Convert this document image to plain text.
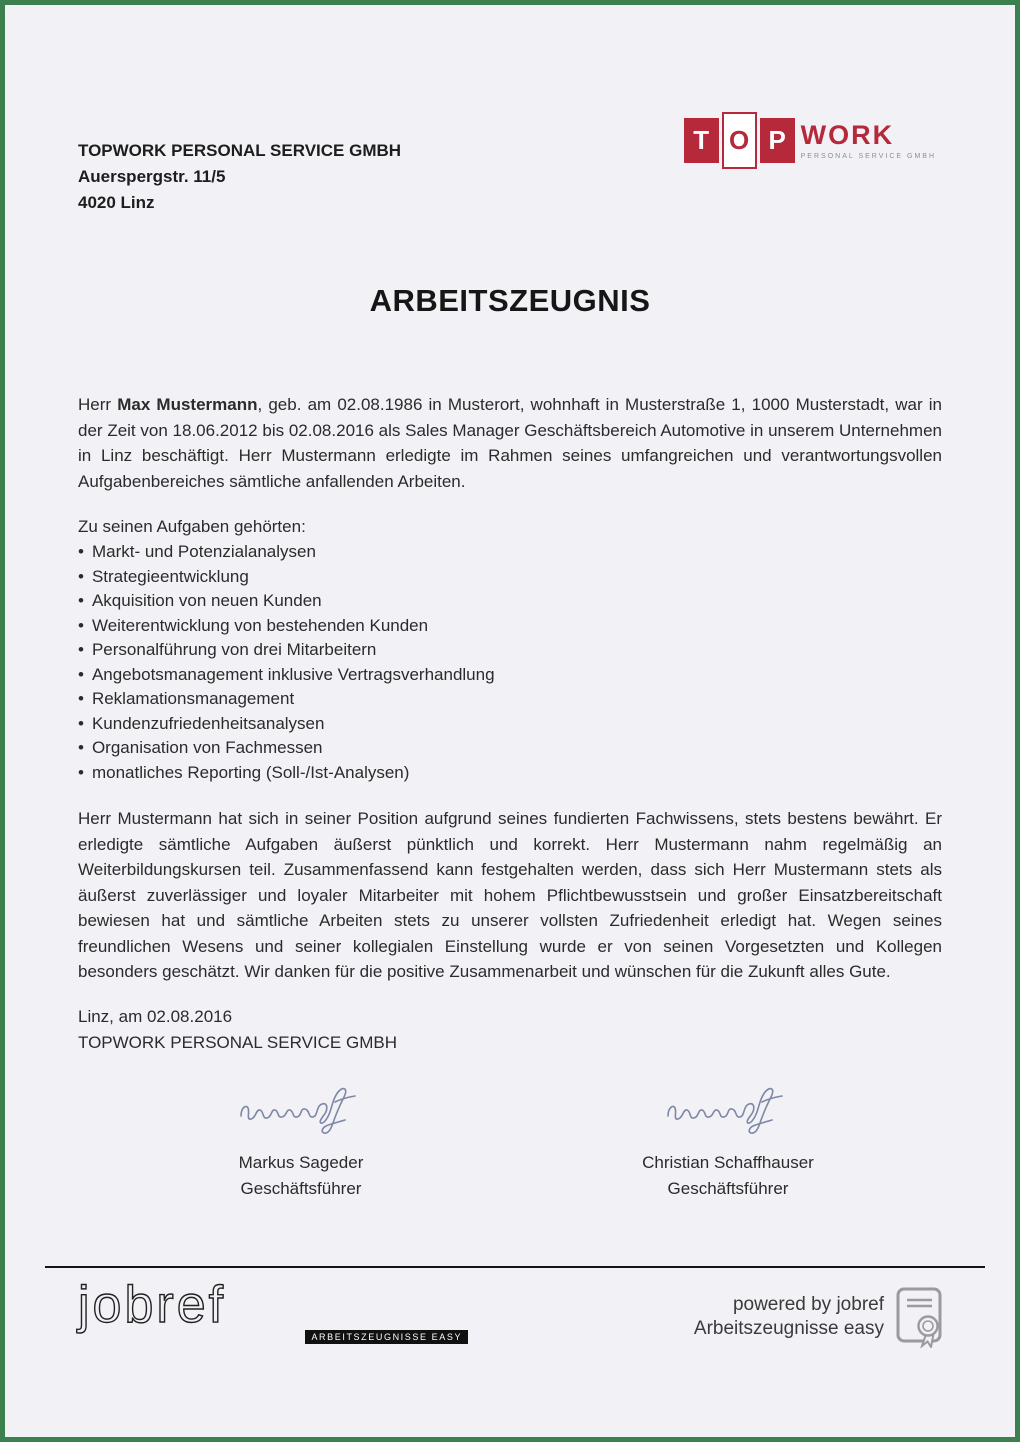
TOPWORK PERSONAL SERVICE GMBH
Auerspergstr. 11/5
4020 Linz
T O P WORK
PERSONAL SERVICE GMBH
ARBEITSZEUGNIS

Herr Max Mustermann, geb. am 02.08.1986 in Musterort, wohnhaft in Musterstraße 1, 1000 Musterstadt, war in der Zeit von 18.06.2012 bis 02.08.2016 als Sales Manager Geschäftsbereich Automotive in unserem Unternehmen in Linz beschäftigt. Herr Mustermann erledigte im Rahmen seines umfangreichen und verantwortungsvollen Aufgabenbereiches sämtliche anfallenden Arbeiten.

Zu seinen Aufgaben gehörten:
• Markt- und Potenzialanalysen
• Strategieentwicklung
• Akquisition von neuen Kunden
• Weiterentwicklung von bestehenden Kunden
• Personalführung von drei Mitarbeitern
• Angebotsmanagement inklusive Vertragsverhandlung
• Reklamationsmanagement
• Kundenzufriedenheitsanalysen
• Organisation von Fachmessen
• monatliches Reporting (Soll-/Ist-Analysen)

Herr Mustermann hat sich in seiner Position aufgrund seines fundierten Fachwissens, stets bestens bewährt. Er erledigte sämtliche Aufgaben äußerst pünktlich und korrekt. Herr Mustermann nahm regelmäßig an Weiterbildungskursen teil. Zusammenfassend kann festgehalten werden, dass sich Herr Mustermann stets als äußerst zuverlässiger und loyaler Mitarbeiter mit hohem Pflichtbewusstsein und großer Einsatzbereitschaft bewiesen hat und sämtliche Arbeiten stets zu unserer vollsten Zufriedenheit erledigt hat. Wegen seines freundlichen Wesens und seiner kollegialen Einstellung wurde er von seinen Vorgesetzten und Kollegen besonders geschätzt. Wir danken für die positive Zusammenarbeit und wünschen für die Zukunft alles Gute.

Linz, am 02.08.2016
TOPWORK PERSONAL SERVICE GMBH
Markus Sageder
Geschäftsführer
Christian Schaffhauser
Geschäftsführer
jobref
ARBEITSZEUGNISSE EASY
powered by jobref
Arbeitszeugnisse easy
